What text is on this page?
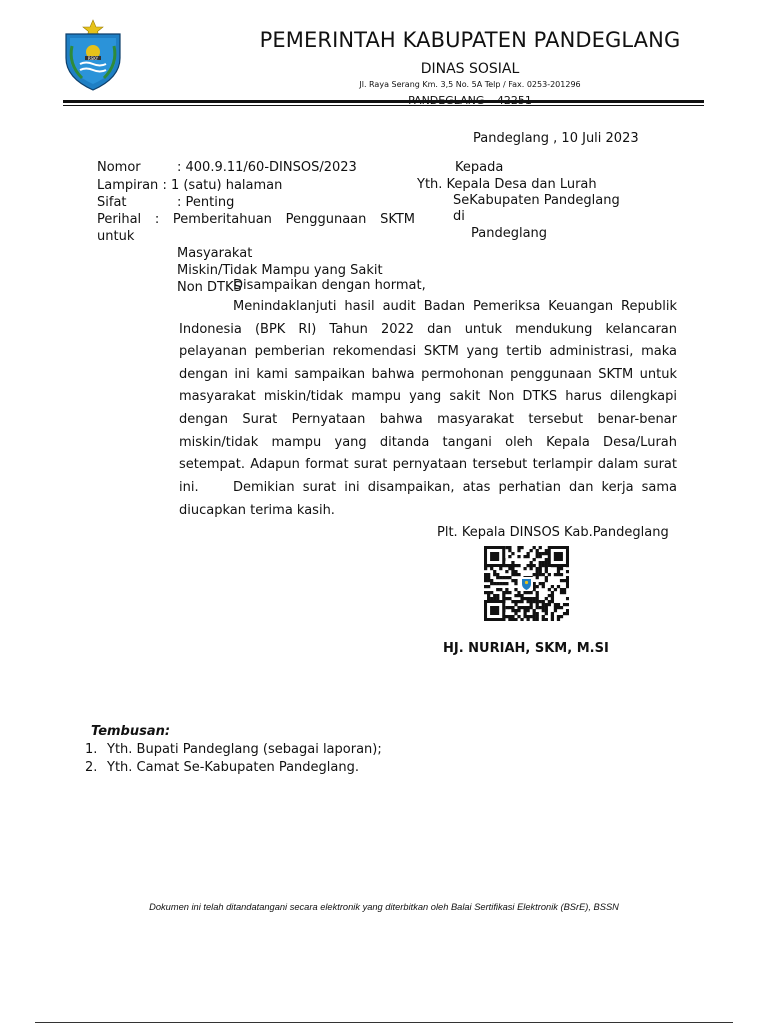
RSKY
PEMERINTAH KABUPATEN PANDEGLANG
DINAS SOSIAL
Jl. Raya Serang Km. 3,5 No. 5A Telp / Fax. 0253-201296
Pandeglang , 10 Juli 2023
Nomor	: 400.9.11/60-DINSOS/2023
Lampiran : 1 (satu) halaman
Sifat	: Penting
Perihal : Pemberitahuan Penggunaan SKTM untuk
Masyarakat
Miskin/Tidak Mampu yang Sakit
Non DTKS
Kepada
Yth. Kepala Desa dan Lurah
SeKabupaten Pandeglang
di
Pandeglang
Disampaikan dengan hormat,
Menindaklanjuti hasil audit Badan Pemeriksa Keuangan Republik Indonesia (BPK RI) Tahun 2022 dan untuk mendukung kelancaran pelayanan pemberian rekomendasi SKTM yang tertib administrasi, maka dengan ini kami sampaikan bahwa permohonan penggunaan SKTM untuk masyarakat miskin/tidak mampu yang sakit Non DTKS harus dilengkapi dengan Surat Pernyataan bahwa masyarakat tersebut benar-benar miskin/tidak mampu yang ditanda tangani oleh Kepala Desa/Lurah setempat. Adapun format surat pernyataan tersebut terlampir dalam surat ini.	Demikian surat ini disampaikan, atas perhatian dan kerja sama diucapkan terima kasih.
Plt. Kepala DINSOS Kab.Pandeglang
HJ. NURIAH, SKM, M.SI
Tembusan:
1. Yth. Bupati Pandeglang (sebagai laporan);
2. Yth. Camat Se-Kabupaten Pandeglang.
Dokumen ini telah ditandatangani secara elektronik yang diterbitkan oleh Balai Sertifikasi Elektronik (BSrE), BSSN
